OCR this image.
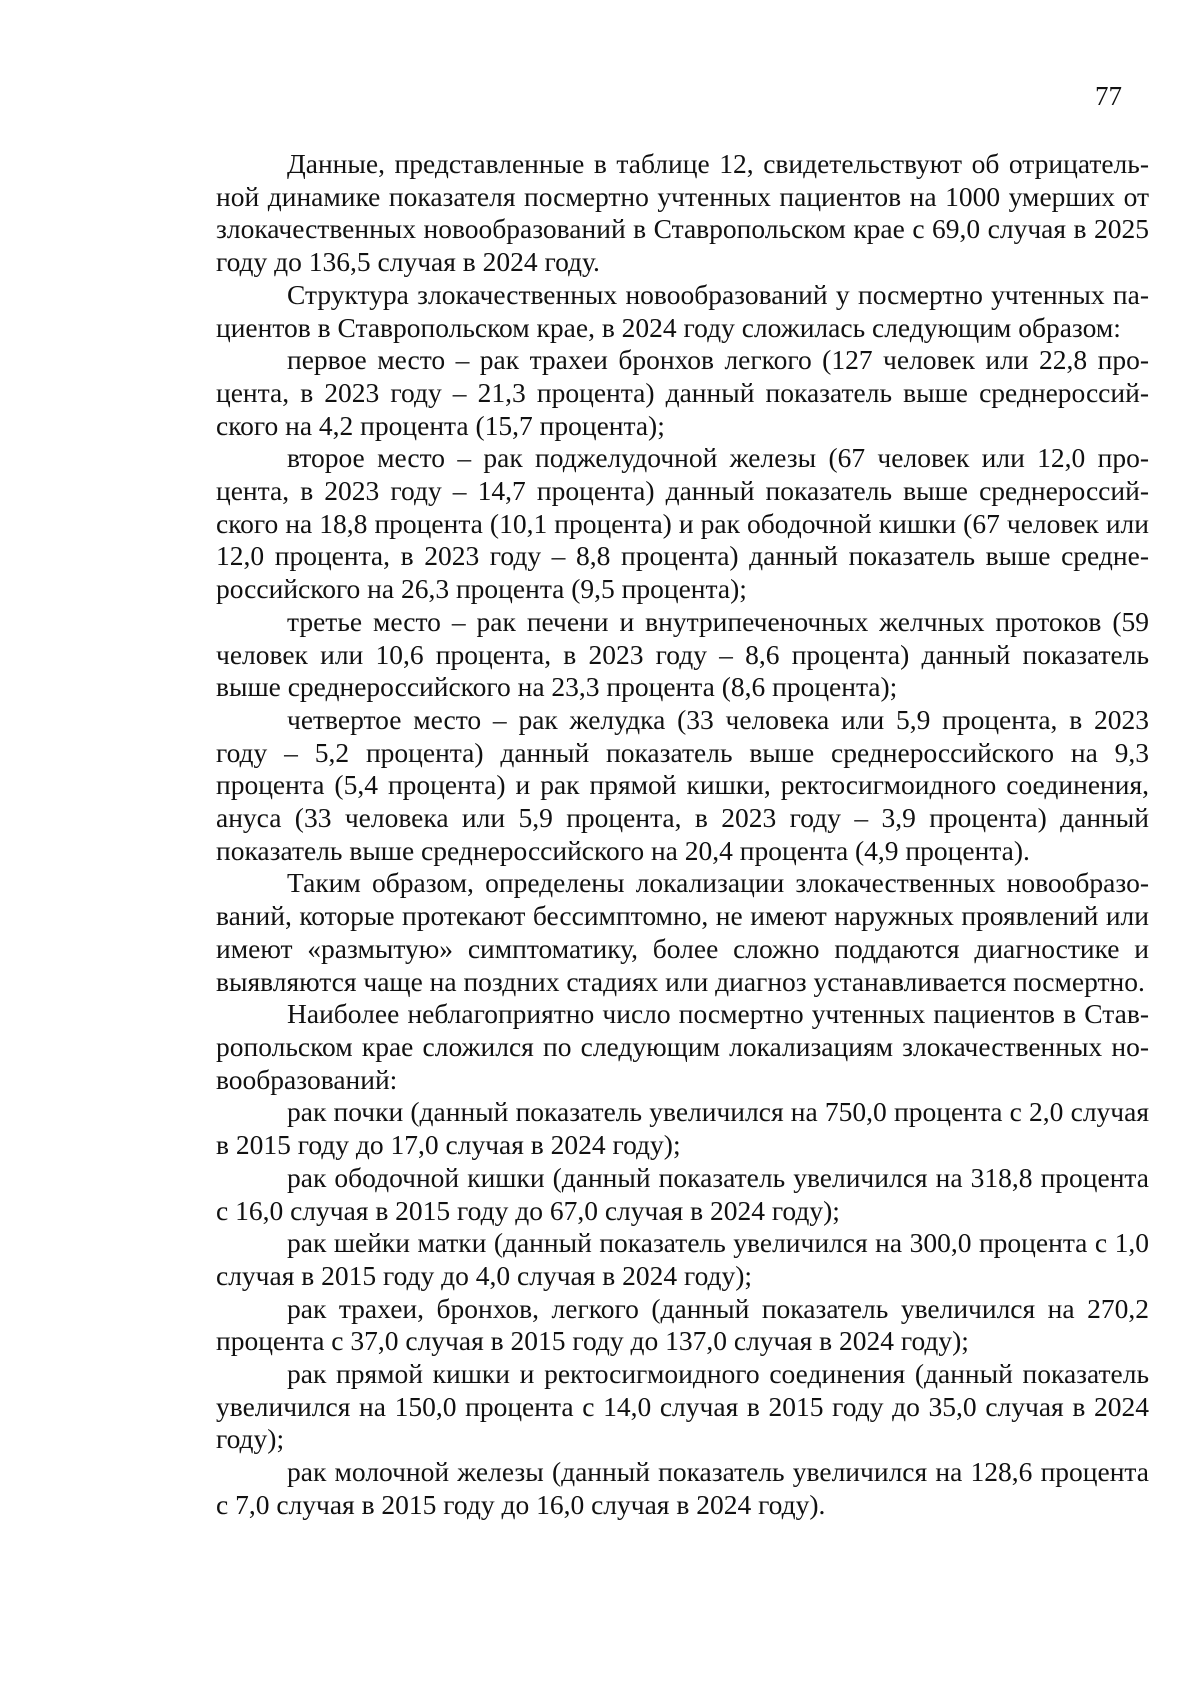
77

Данные, представленные в таблице 12, свидетельствуют об отрицательной динамике показателя посмертно учтенных пациентов на 1000 умерших от злокачественных новообразований в Ставропольском крае с 69,0 случая в 2025 году до 136,5 случая в 2024 году.

Структура злокачественных новообразований у посмертно учтенных пациентов в Ставропольском крае, в 2024 году сложилась следующим образом:

первое место – рак трахеи бронхов легкого (127 человек или 22,8 процента, в 2023 году – 21,3 процента) данный показатель выше среднероссийского на 4,2 процента (15,7 процента);

второе место – рак поджелудочной железы (67 человек или 12,0 процента, в 2023 году – 14,7 процента) данный показатель выше среднероссийского на 18,8 процента (10,1 процента) и рак ободочной кишки (67 человек или 12,0 процента, в 2023 году – 8,8 процента) данный показатель выше среднероссийского на 26,3 процента (9,5 процента);

третье место – рак печени и внутрипеченочных желчных протоков (59 человек или 10,6 процента, в 2023 году – 8,6 процента) данный показатель выше среднероссийского на 23,3 процента (8,6 процента);

четвертое место – рак желудка (33 человека или 5,9 процента, в 2023 году – 5,2 процента) данный показатель выше среднероссийского на 9,3 процента (5,4 процента) и рак прямой кишки, ректосигмоидного соединения, ануса (33 человека или 5,9 процента, в 2023 году – 3,9 процента) данный показатель выше среднероссийского на 20,4 процента (4,9 процента).

Таким образом, определены локализации злокачественных новообразований, которые протекают бессимптомно, не имеют наружных проявлений или имеют «размытую» симптоматику, более сложно поддаются диагностике и выявляются чаще на поздних стадиях или диагноз устанавливается посмертно.

Наиболее неблагоприятно число посмертно учтенных пациентов в Ставропольском крае сложился по следующим локализациям злокачественных новообразований:

рак почки (данный показатель увеличился на 750,0 процента с 2,0 случая в 2015 году до 17,0 случая в 2024 году);

рак ободочной кишки (данный показатель увеличился на 318,8 процента с 16,0 случая в 2015 году до 67,0 случая в 2024 году);

рак шейки матки (данный показатель увеличился на 300,0 процента с 1,0 случая в 2015 году до 4,0 случая в 2024 году);

рак трахеи, бронхов, легкого (данный показатель увеличился на 270,2 процента с 37,0 случая в 2015 году до 137,0 случая в 2024 году);

рак прямой кишки и ректосигмоидного соединения (данный показатель увеличился на 150,0 процента с 14,0 случая в 2015 году до 35,0 случая в 2024 году);

рак молочной железы (данный показатель увеличился на 128,6 процента с 7,0 случая в 2015 году до 16,0 случая в 2024 году).
